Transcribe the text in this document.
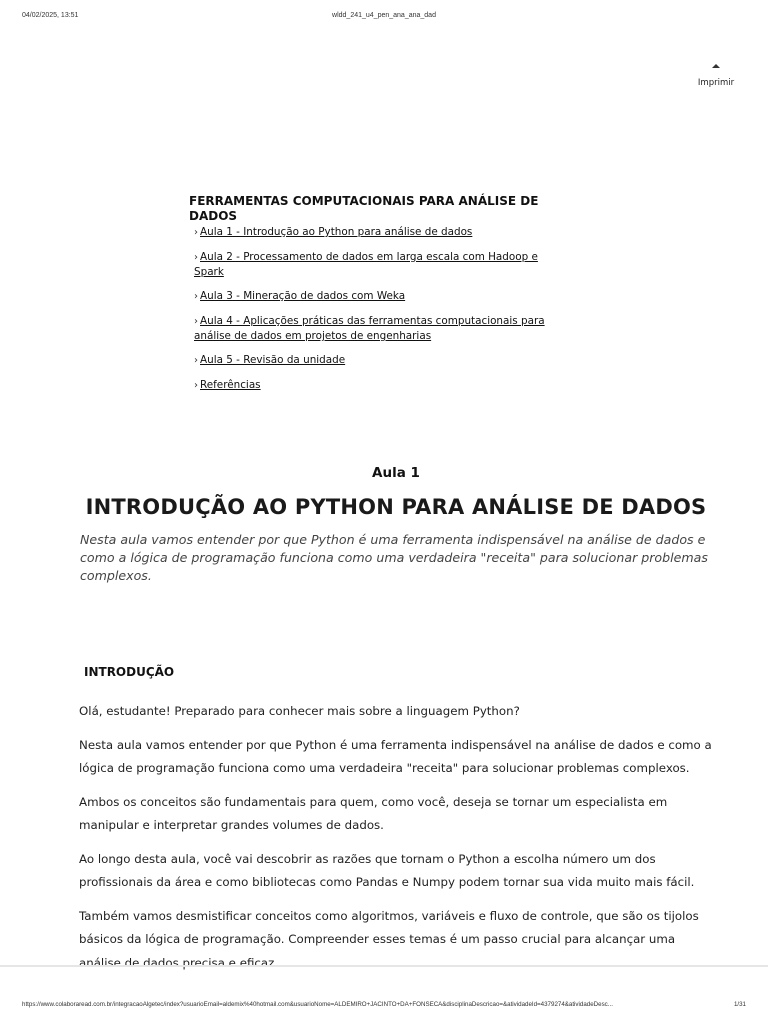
04/02/2025, 13:51	wldd_241_u4_pen_ana_ana_dad
Imprimir
FERRAMENTAS COMPUTACIONAIS PARA ANÁLISE DE DADOS
› Aula 1 - Introdução ao Python para análise de dados
› Aula 2 - Processamento de dados em larga escala com Hadoop e Spark
› Aula 3 - Mineração de dados com Weka
› Aula 4 - Aplicações práticas das ferramentas computacionais para análise de dados em projetos de engenharias
› Aula 5 - Revisão da unidade
› Referências
Aula 1
INTRODUÇÃO AO PYTHON PARA ANÁLISE DE DADOS

Nesta aula vamos entender por que Python é uma ferramenta indispensável na análise de dados e como a lógica de programação funciona como uma verdadeira "receita" para solucionar problemas complexos.

INTRODUÇÃO

Olá, estudante! Preparado para conhecer mais sobre a linguagem Python?

Nesta aula vamos entender por que Python é uma ferramenta indispensável na análise de dados e como a lógica de programação funciona como uma verdadeira "receita" para solucionar problemas complexos.

Ambos os conceitos são fundamentais para quem, como você, deseja se tornar um especialista em manipular e interpretar grandes volumes de dados.

Ao longo desta aula, você vai descobrir as razões que tornam o Python a escolha número um dos profissionais da área e como bibliotecas como Pandas e Numpy podem tornar sua vida muito mais fácil.

Também vamos desmistificar conceitos como algoritmos, variáveis e fluxo de controle, que são os tijolos básicos da lógica de programação. Compreender esses temas é um passo crucial para alcançar uma análise de dados precisa e eficaz.

https://www.colaboraread.com.br/integracaoAlgetec/index?usuarioEmail=aldemix%40hotmail.com&usuarioNome=ALDEMIRO+JACINTO+DA+FONSECA&disciplinaDescricao=&atividadeId=4379274&atividadeDesc...	1/31
